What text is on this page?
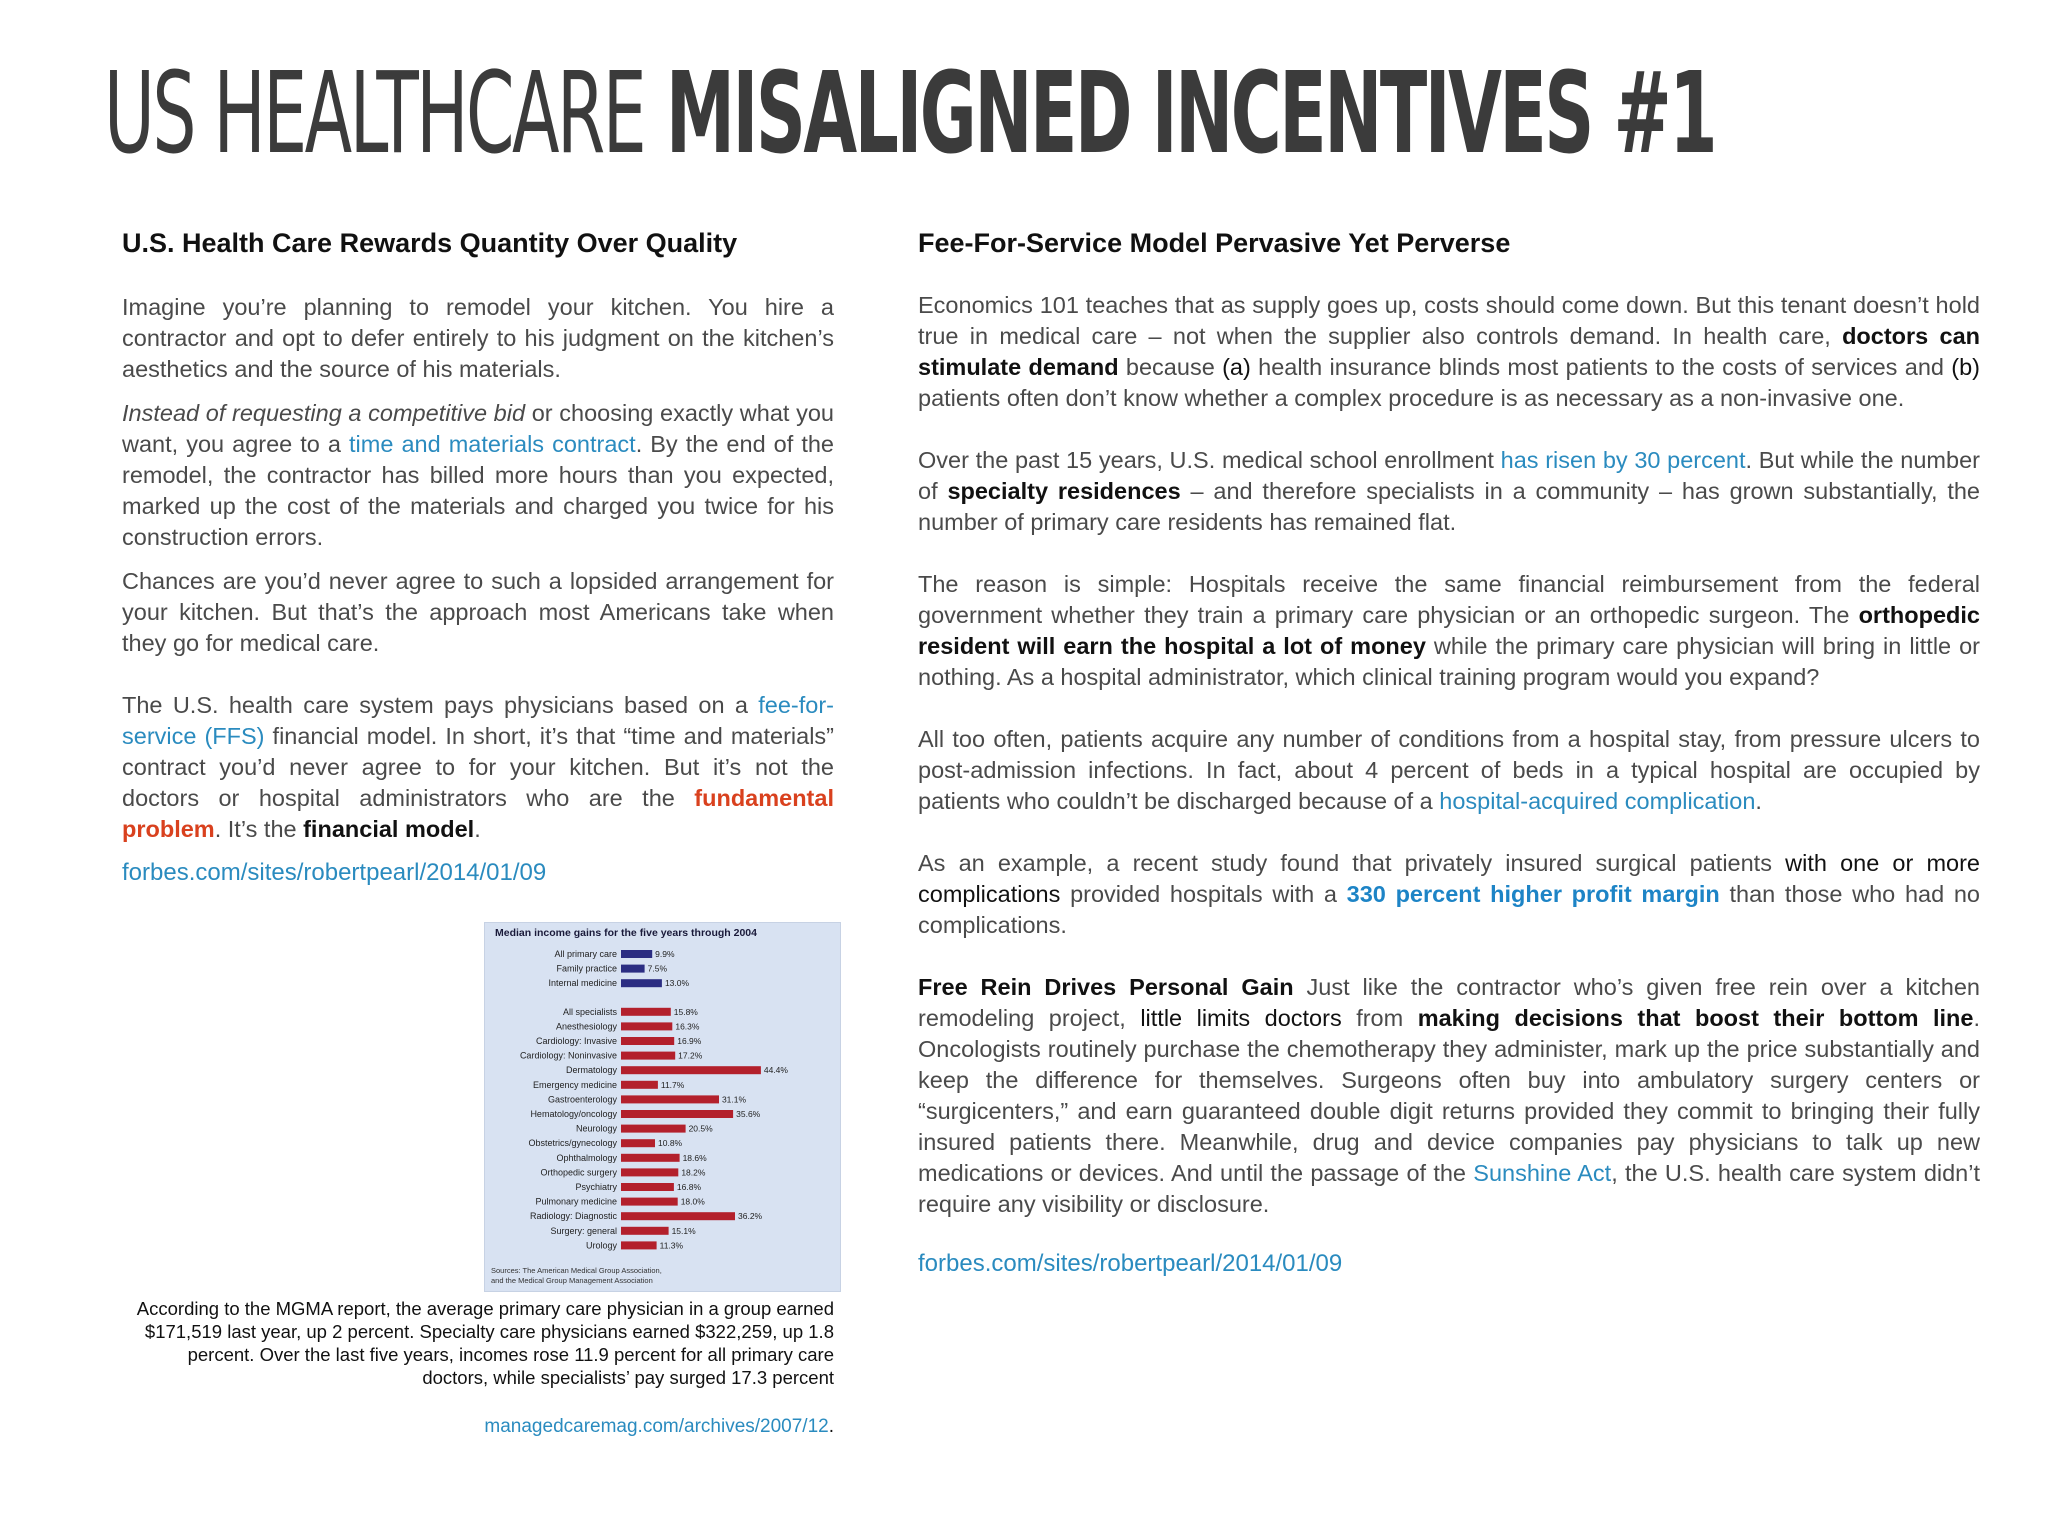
US HEALTHCARE MISALIGNED INCENTIVES #1
U.S. Health Care Rewards Quantity Over Quality

Imagine you’re planning to remodel your kitchen. You hire a contractor and opt to defer entirely to his judgment on the kitchen’s aesthetics and the source of his materials.

Instead of requesting a competitive bid or choosing exactly what you want, you agree to a time and materials contract. By the end of the remodel, the contractor has billed more hours than you expected, marked up the cost of the materials and charged you twice for his construction errors.

Chances are you’d never agree to such a lopsided arrangement for your kitchen. But that’s the approach most Americans take when they go for medical care.

The U.S. health care system pays physicians based on a fee-for-service (FFS) financial model. In short, it’s that “time and materials” contract you’d never agree to for your kitchen. But it’s not the doctors or hospital administrators who are the fundamental problem. It’s the financial model.

forbes.com/sites/robertpearl/2014/01/09

Median income gains for the five years through 2004
All primary care	9.9%
Family practice	7.5%
Internal medicine	13.0%
All specialists	15.8%
Anesthesiology	16.3%
Cardiology: Invasive	16.9%
Cardiology: Noninvasive	17.2%
Dermatology	44.4%
Emergency medicine	11.7%
Gastroenterology	31.1%
Hematology/oncology	35.6%
Neurology	20.5%
Obstetrics/gynecology	10.8%
Ophthalmology	18.6%
Orthopedic surgery	18.2%
Psychiatry	16.8%
Pulmonary medicine	18.0%
Radiology: Diagnostic	36.2%
Surgery: general	15.1%
Urology	11.3%
Sources: The American Medical Group Association,
and the Medical Group Management Association
According to the MGMA report, the average primary care physician in a group earned $171,519 last year, up 2 percent. Specialty care physicians earned $322,259, up 1.8 percent. Over the last five years, incomes rose 11.9 percent for all primary care doctors, while specialists’ pay surged 17.3 percent
managedcaremag.com/archives/2007/12.
Fee-For-Service Model Pervasive Yet Perverse

Economics 101 teaches that as supply goes up, costs should come down. But this tenant doesn’t hold true in medical care – not when the supplier also controls demand. In health care, doctors can stimulate demand because (a) health insurance blinds most patients to the costs of services and (b) patients often don’t know whether a complex procedure is as necessary as a non-invasive one.

Over the past 15 years, U.S. medical school enrollment has risen by 30 percent. But while the number of specialty residences – and therefore specialists in a community – has grown substantially, the number of primary care residents has remained flat.

The reason is simple: Hospitals receive the same financial reimbursement from the federal government whether they train a primary care physician or an orthopedic surgeon. The orthopedic resident will earn the hospital a lot of money while the primary care physician will bring in little or nothing. As a hospital administrator, which clinical training program would you expand?

All too often, patients acquire any number of conditions from a hospital stay, from pressure ulcers to post-admission infections. In fact, about 4 percent of beds in a typical hospital are occupied by patients who couldn’t be discharged because of a hospital-acquired complication.

As an example, a recent study found that privately insured surgical patients with one or more complications provided hospitals with a 330 percent higher profit margin than those who had no complications.

Free Rein Drives Personal Gain Just like the contractor who’s given free rein over a kitchen remodeling project, little limits doctors from making decisions that boost their bottom line. Oncologists routinely purchase the chemotherapy they administer, mark up the price substantially and keep the difference for themselves. Surgeons often buy into ambulatory surgery centers or “surgicenters,” and earn guaranteed double digit returns provided they commit to bringing their fully insured patients there. Meanwhile, drug and device companies pay physicians to talk up new medications or devices. And until the passage of the Sunshine Act, the U.S. health care system didn’t require any visibility or disclosure.

forbes.com/sites/robertpearl/2014/01/09
